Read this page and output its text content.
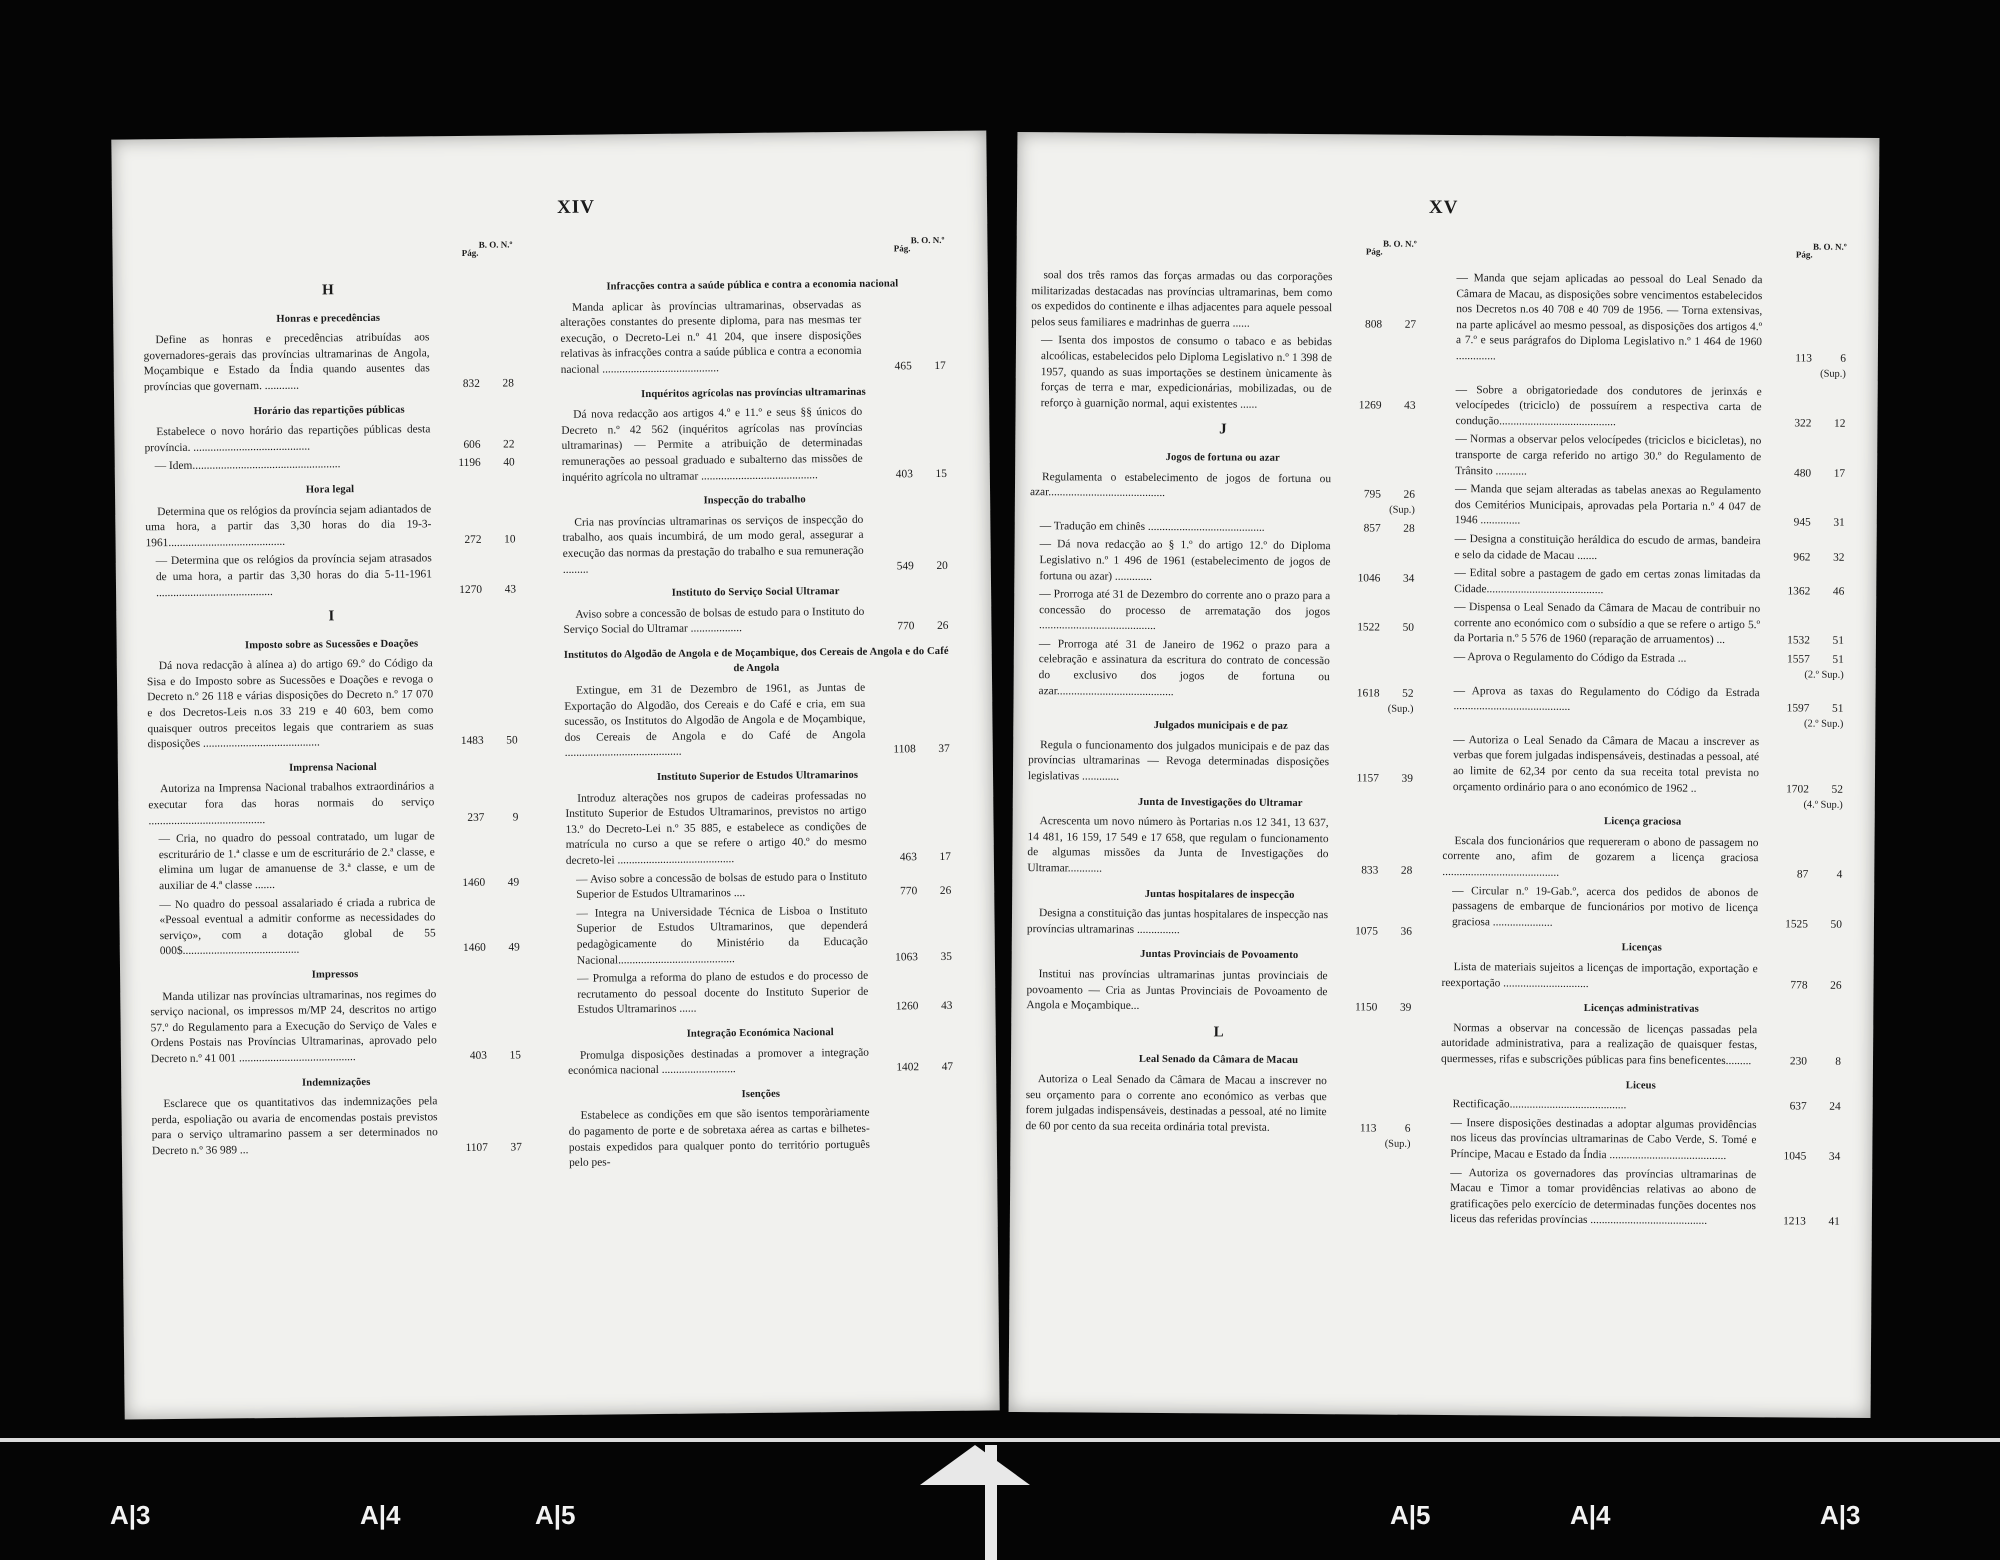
XIV
Pág.
B. O. N.º
H
Honras e precedências
Define as honras e precedências atribuídas aos governadores-gerais das províncias ultramarinas de Angola, Moçambique e Estado da Índia quando ausentes das províncias que governam. ............	832	28
Horário das repartições públicas
Estabelece o novo horário das repartições públicas desta província. .........................................	606	22
— Idem....................................................	1196	40
Hora legal
Determina que os relógios da província sejam adiantados de uma hora, a partir das 3,30 horas do dia 19-3-1961.........................................	272	10
— Determina que os relógios da província sejam atrasados de uma hora, a partir das 3,30 horas do dia 5-11-1961 .........................................	1270	43
I
Imposto sobre as Sucessões e Doações
Dá nova redacção à alínea a) do artigo 69.º do Código da Sisa e do Imposto sobre as Sucessões e Doações e revoga o Decreto n.º 26 118 e várias disposições do Decreto n.º 17 070 e dos Decretos-Leis n.os 33 219 e 40 603, bem como quaisquer outros preceitos legais que contrariem as suas disposições .........................................	1483	50
Imprensa Nacional
Autoriza na Imprensa Nacional trabalhos extraordinários a executar fora das horas normais do serviço .........................................	237	9
— Cria, no quadro do pessoal contratado, um lugar de escriturário de 1.ª classe e um de escriturário de 2.ª classe, e elimina um lugar de amanuense de 3.ª classe, e um de auxiliar de 4.ª classe .......	1460	49
— No quadro do pessoal assalariado é criada a rubrica de «Pessoal eventual a admitir conforme as necessidades do serviço», com a dotação global de 55 000$.........................................	1460	49
Impressos
Manda utilizar nas províncias ultramarinas, nos regimes do serviço nacional, os impressos m/MP 24, descritos no artigo 57.º do Regulamento para a Execução do Serviço de Vales e Ordens Postais nas Províncias Ultramarinas, aprovado pelo Decreto n.º 41 001 .........................................	403	15
Indemnizações
Esclarece que os quantitativos das indemnizações pela perda, espoliação ou avaria de encomendas postais previstos para o serviço ultramarino passem a ser determinados no Decreto n.º 36 989 ...	1107	37
Pág.
B. O. N.º
Infracções contra a saúde pública e contra a economia nacional
Manda aplicar às províncias ultramarinas, observadas as alterações constantes do presente diploma, para nas mesmas ter execução, o Decreto-Lei n.º 41 204, que insere disposições relativas às infracções contra a saúde pública e contra a economia nacional .........................................	465	17
Inquéritos agrícolas nas províncias ultramarinas
Dá nova redacção aos artigos 4.º e 11.º e seus §§ únicos do Decreto n.º 42 562 (inquéritos agrícolas nas províncias ultramarinas) — Permite a atribuição de determinadas remunerações ao pessoal graduado e subalterno das missões de inquérito agrícola no ultramar .........................................	403	15
Inspecção do trabalho
Cria nas províncias ultramarinas os serviços de inspecção do trabalho, aos quais incumbirá, de um modo geral, assegurar a execução das normas da prestação do trabalho e sua remuneração .........	549	20
Instituto do Serviço Social Ultramar
Aviso sobre a concessão de bolsas de estudo para o Instituto do Serviço Social do Ultramar ..................	770	26
Institutos do Algodão de Angola e de Moçambique, dos Cereais de Angola e do Café de Angola
Extingue, em 31 de Dezembro de 1961, as Juntas de Exportação do Algodão, dos Cereais e do Café e cria, em sua sucessão, os Institutos do Algodão de Angola e de Moçambique, dos Cereais de Angola e do Café de Angola .........................................	1108	37
Instituto Superior de Estudos Ultramarinos
Introduz alterações nos grupos de cadeiras professadas no Instituto Superior de Estudos Ultramarinos, previstos no artigo 13.º do Decreto-Lei n.º 35 885, e estabelece as condições de matrícula no curso a que se refere o artigo 40.º do mesmo decreto-lei .........................................	463	17
— Aviso sobre a concessão de bolsas de estudo para o Instituto Superior de Estudos Ultramarinos ....	770	26
— Integra na Universidade Técnica de Lisboa o Instituto Superior de Estudos Ultramarinos, que dependerá pedagògicamente do Ministério da Educação Nacional.........................................	1063	35
— Promulga a reforma do plano de estudos e do processo de recrutamento do pessoal docente do Instituto Superior de Estudos Ultramarinos ......	1260	43
Integração Económica Nacional
Promulga disposições destinadas a promover a integração económica nacional ..........................	1402	47
Isenções
Estabelece as condições em que são isentos temporàriamente do pagamento de porte e de sobretaxa aérea as cartas e bilhetes-postais expedidos para qualquer ponto do território português pelo pes-
XV
Pág.
B. O. N.º
soal dos três ramos das forças armadas ou das corporações militarizadas destacadas nas províncias ultramarinas, bem como os expedidos do continente e ilhas adjacentes para aquele pessoal pelos seus familiares e madrinhas de guerra ......	808	27
— Isenta dos impostos de consumo o tabaco e as bebidas alcoólicas, estabelecidos pelo Diploma Legislativo n.º 1 398 de 1957, quando as suas importações se destinem ùnicamente às forças de terra e mar, expedicionárias, mobilizadas, ou de reforço à guarnição normal, aqui existentes ......	1269	43
J
Jogos de fortuna ou azar
Regulamenta o estabelecimento de jogos de fortuna ou azar.........................................	795	26
(Sup.)
— Tradução em chinês .........................................	857	28
— Dá nova redacção ao § 1.º do artigo 12.º do Diploma Legislativo n.º 1 496 de 1961 (estabelecimento de jogos de fortuna ou azar) .............	1046	34
— Prorroga até 31 de Dezembro do corrente ano o prazo para a concessão do processo de arrematação dos jogos .........................................	1522	50
— Prorroga até 31 de Janeiro de 1962 o prazo para a celebração e assinatura da escritura do contrato de concessão do exclusivo dos jogos de fortuna ou azar.........................................	1618	52
(Sup.)
Julgados municipais e de paz
Regula o funcionamento dos julgados municipais e de paz das províncias ultramarinas — Revoga determinadas disposições legislativas .............	1157	39
Junta de Investigações do Ultramar
Acrescenta um novo número às Portarias n.os 12 341, 13 637, 14 481, 16 159, 17 549 e 17 658, que regulam o funcionamento de algumas missões da Junta de Investigações do Ultramar............	833	28
Juntas hospitalares de inspecção
Designa a constituição das juntas hospitalares de inspecção nas províncias ultramarinas ...............	1075	36
Juntas Provinciais de Povoamento
Institui nas províncias ultramarinas juntas provinciais de povoamento — Cria as Juntas Provinciais de Povoamento de Angola e Moçambique...	1150	39
L
Leal Senado da Câmara de Macau
Autoriza o Leal Senado da Câmara de Macau a inscrever no seu orçamento para o corrente ano económico as verbas que forem julgadas indispensáveis, destinadas a pessoal, até no limite de 60 por cento da sua receita ordinária total prevista.	113	6
(Sup.)
Pág.
B. O. N.º
— Manda que sejam aplicadas ao pessoal do Leal Senado da Câmara de Macau, as disposições sobre vencimentos estabelecidos nos Decretos n.os 40 708 e 40 709 de 1956. — Torna extensivas, na parte aplicável ao mesmo pessoal, as disposições dos artigos 4.º a 7.º e seus parágrafos do Diploma Legislativo n.º 1 464 de 1960 ..............	113	6
(Sup.)
— Sobre a obrigatoriedade dos condutores de jerinxás e velocípedes (triciclo) de possuírem a respectiva carta de condução.........................................	322	12
— Normas a observar pelos velocípedes (triciclos e bicicletas), no transporte de carga referido no artigo 30.º do Regulamento de Trânsito ...........	480	17
— Manda que sejam alteradas as tabelas anexas ao Regulamento dos Cemitérios Municipais, aprovadas pela Portaria n.º 4 047 de 1946 ..............	945	31
— Designa a constituição heráldica do escudo de armas, bandeira e selo da cidade de Macau .......	962	32
— Edital sobre a pastagem de gado em certas zonas limitadas da Cidade.........................................	1362	46
— Dispensa o Leal Senado da Câmara de Macau de contribuir no corrente ano económico com o subsídio a que se refere o artigo 5.º da Portaria n.º 5 576 de 1960 (reparação de arruamentos) ...	1532	51
— Aprova o Regulamento do Código da Estrada ...	1557	51
(2.º Sup.)
— Aprova as taxas do Regulamento do Código da Estrada .........................................	1597	51
(2.º Sup.)
— Autoriza o Leal Senado da Câmara de Macau a inscrever as verbas que forem julgadas indispensáveis, destinadas a pessoal, até ao limite de 62,34 por cento da sua receita total prevista no orçamento ordinário para o ano económico de 1962 ..	1702	52
(4.º Sup.)
Licença graciosa
Escala dos funcionários que requereram o abono de passagem no corrente ano, afim de gozarem a licença graciosa .........................................	87	4
— Circular n.º 19-Gab.º, acerca dos pedidos de abonos de passagens de embarque de funcionários por motivo de licença graciosa .....................	1525	50
Licenças
Lista de materiais sujeitos a licenças de importação, exportação e reexportação ..............................	778	26
Licenças administrativas
Normas a observar na concessão de licenças passadas pela autoridade administrativa, para a realização de quaisquer festas, quermesses, rifas e subscrições públicas para fins beneficentes.........	230	8
Liceus
Rectificação.........................................	637	24
— Insere disposições destinadas a adoptar algumas providências nos liceus das províncias ultramarinas de Cabo Verde, S. Tomé e Príncipe, Macau e Estado da Índia .........................................	1045	34
— Autoriza os governadores das províncias ultramarinas de Macau e Timor a tomar providências relativas ao abono de gratificações pelo exercício de determinadas funções docentes nos liceus das referidas províncias .........................................	1213	41
A|3	A|4	A|5	A|5	A|4	A|3
